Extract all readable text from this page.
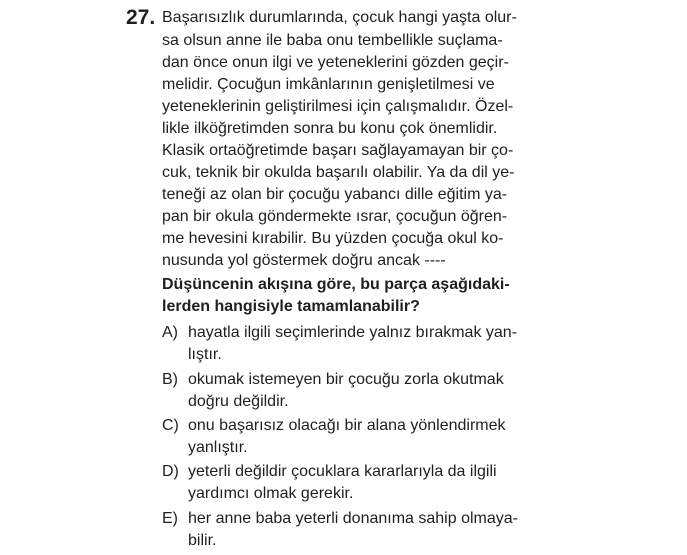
27. Başarısızlık durumlarında, çocuk hangi yaşta olur-
sa olsun anne ile baba onu tembellikle suçlama-
dan önce onun ilgi ve yeteneklerini gözden geçir-
melidir. Çocuğun imkânlarının genişletilmesi ve
yeteneklerinin geliştirilmesi için çalışmalıdır. Özel-
likle ilköğretimden sonra bu konu çok önemlidir.
Klasik ortaöğretimde başarı sağlayamayan bir ço-
cuk, teknik bir okulda başarılı olabilir. Ya da dil ye-
teneği az olan bir çocuğu yabancı dille eğitim ya-
pan bir okula göndermekte ısrar, çocuğun öğren-
me hevesini kırabilir. Bu yüzden çocuğa okul ko-
nusunda yol göstermek doğru ancak ----
Düşüncenin akışına göre, bu parça aşağıdaki-
lerden hangisiyle tamamlanabilir?
A) hayatla ilgili seçimlerinde yalnız bırakmak yan-
lıştır.
B) okumak istemeyen bir çocuğu zorla okutmak
doğru değildir.
C) onu başarısız olacağı bir alana yönlendirmek
yanlıştır.
D) yeterli değildir çocuklara kararlarıyla da ilgili
yardımcı olmak gerekir.
E) her anne baba yeterli donanıma sahip olmaya-
bilir.
